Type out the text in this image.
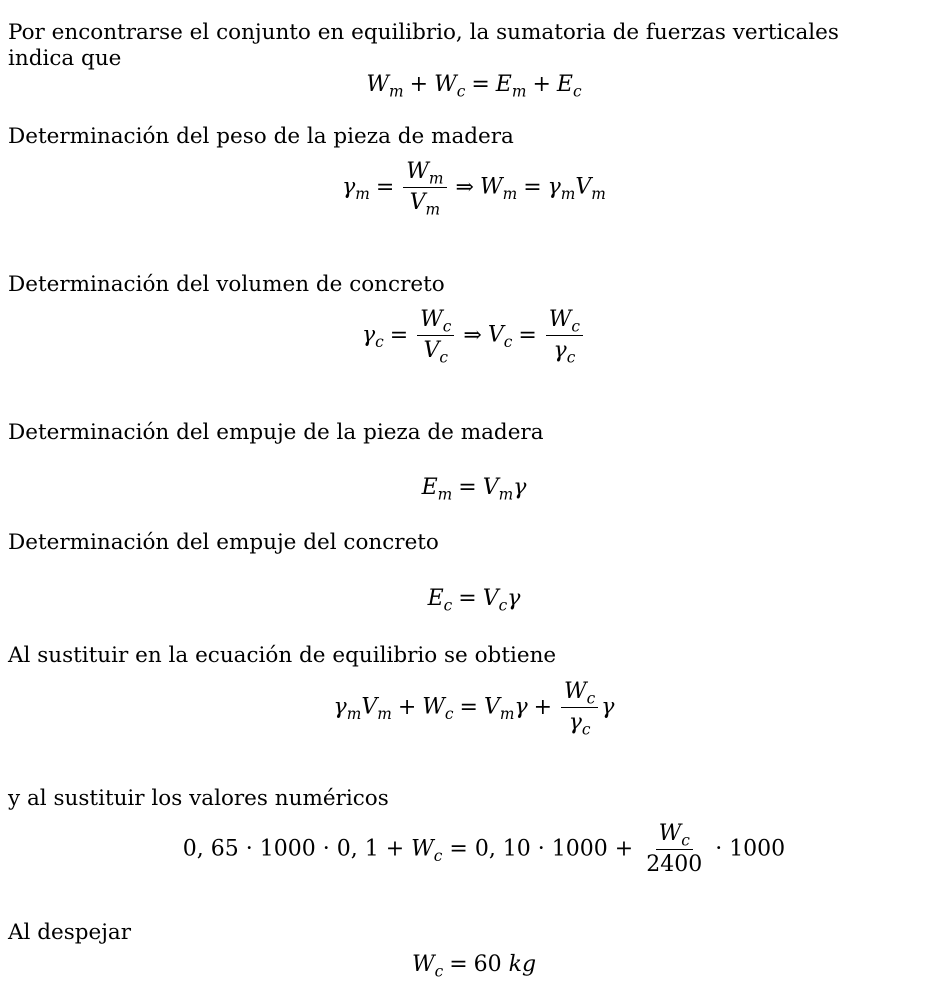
Por encontrarse el conjunto en equilibrio, la sumatoria de fuerzas verticales
indica que
$W_m + W_c = E_m + E_c$
Determinación del peso de la pieza de madera
$\gamma_m = \frac{W_m}{V_m}$ ⇒ $W_m = \gamma_mV_m$
Determinación del volumen de concreto
$\gamma_c = \frac{W_c}{V_c}$ ⇒ $V_c = \frac{W_c}{\gamma_c}$
Determinación del empuje de la pieza de madera
$E_m = V_m\gamma$
Determinación del empuje del concreto
$E_c = V_c\gamma$
Al sustituir en la ecuación de equilibrio se obtiene
$\gamma_mV_m + W_c = V_m\gamma + \frac{W_c}{\gamma_c}$ γ
y al sustituir los valores numéricos
0, 65 · 1000 · 0, $1 + W_c = 0$, $10 \cdot 1000 + \frac{W_c}{2400} \cdot 1000$
Al despejar
$W_c = 60$ kg
